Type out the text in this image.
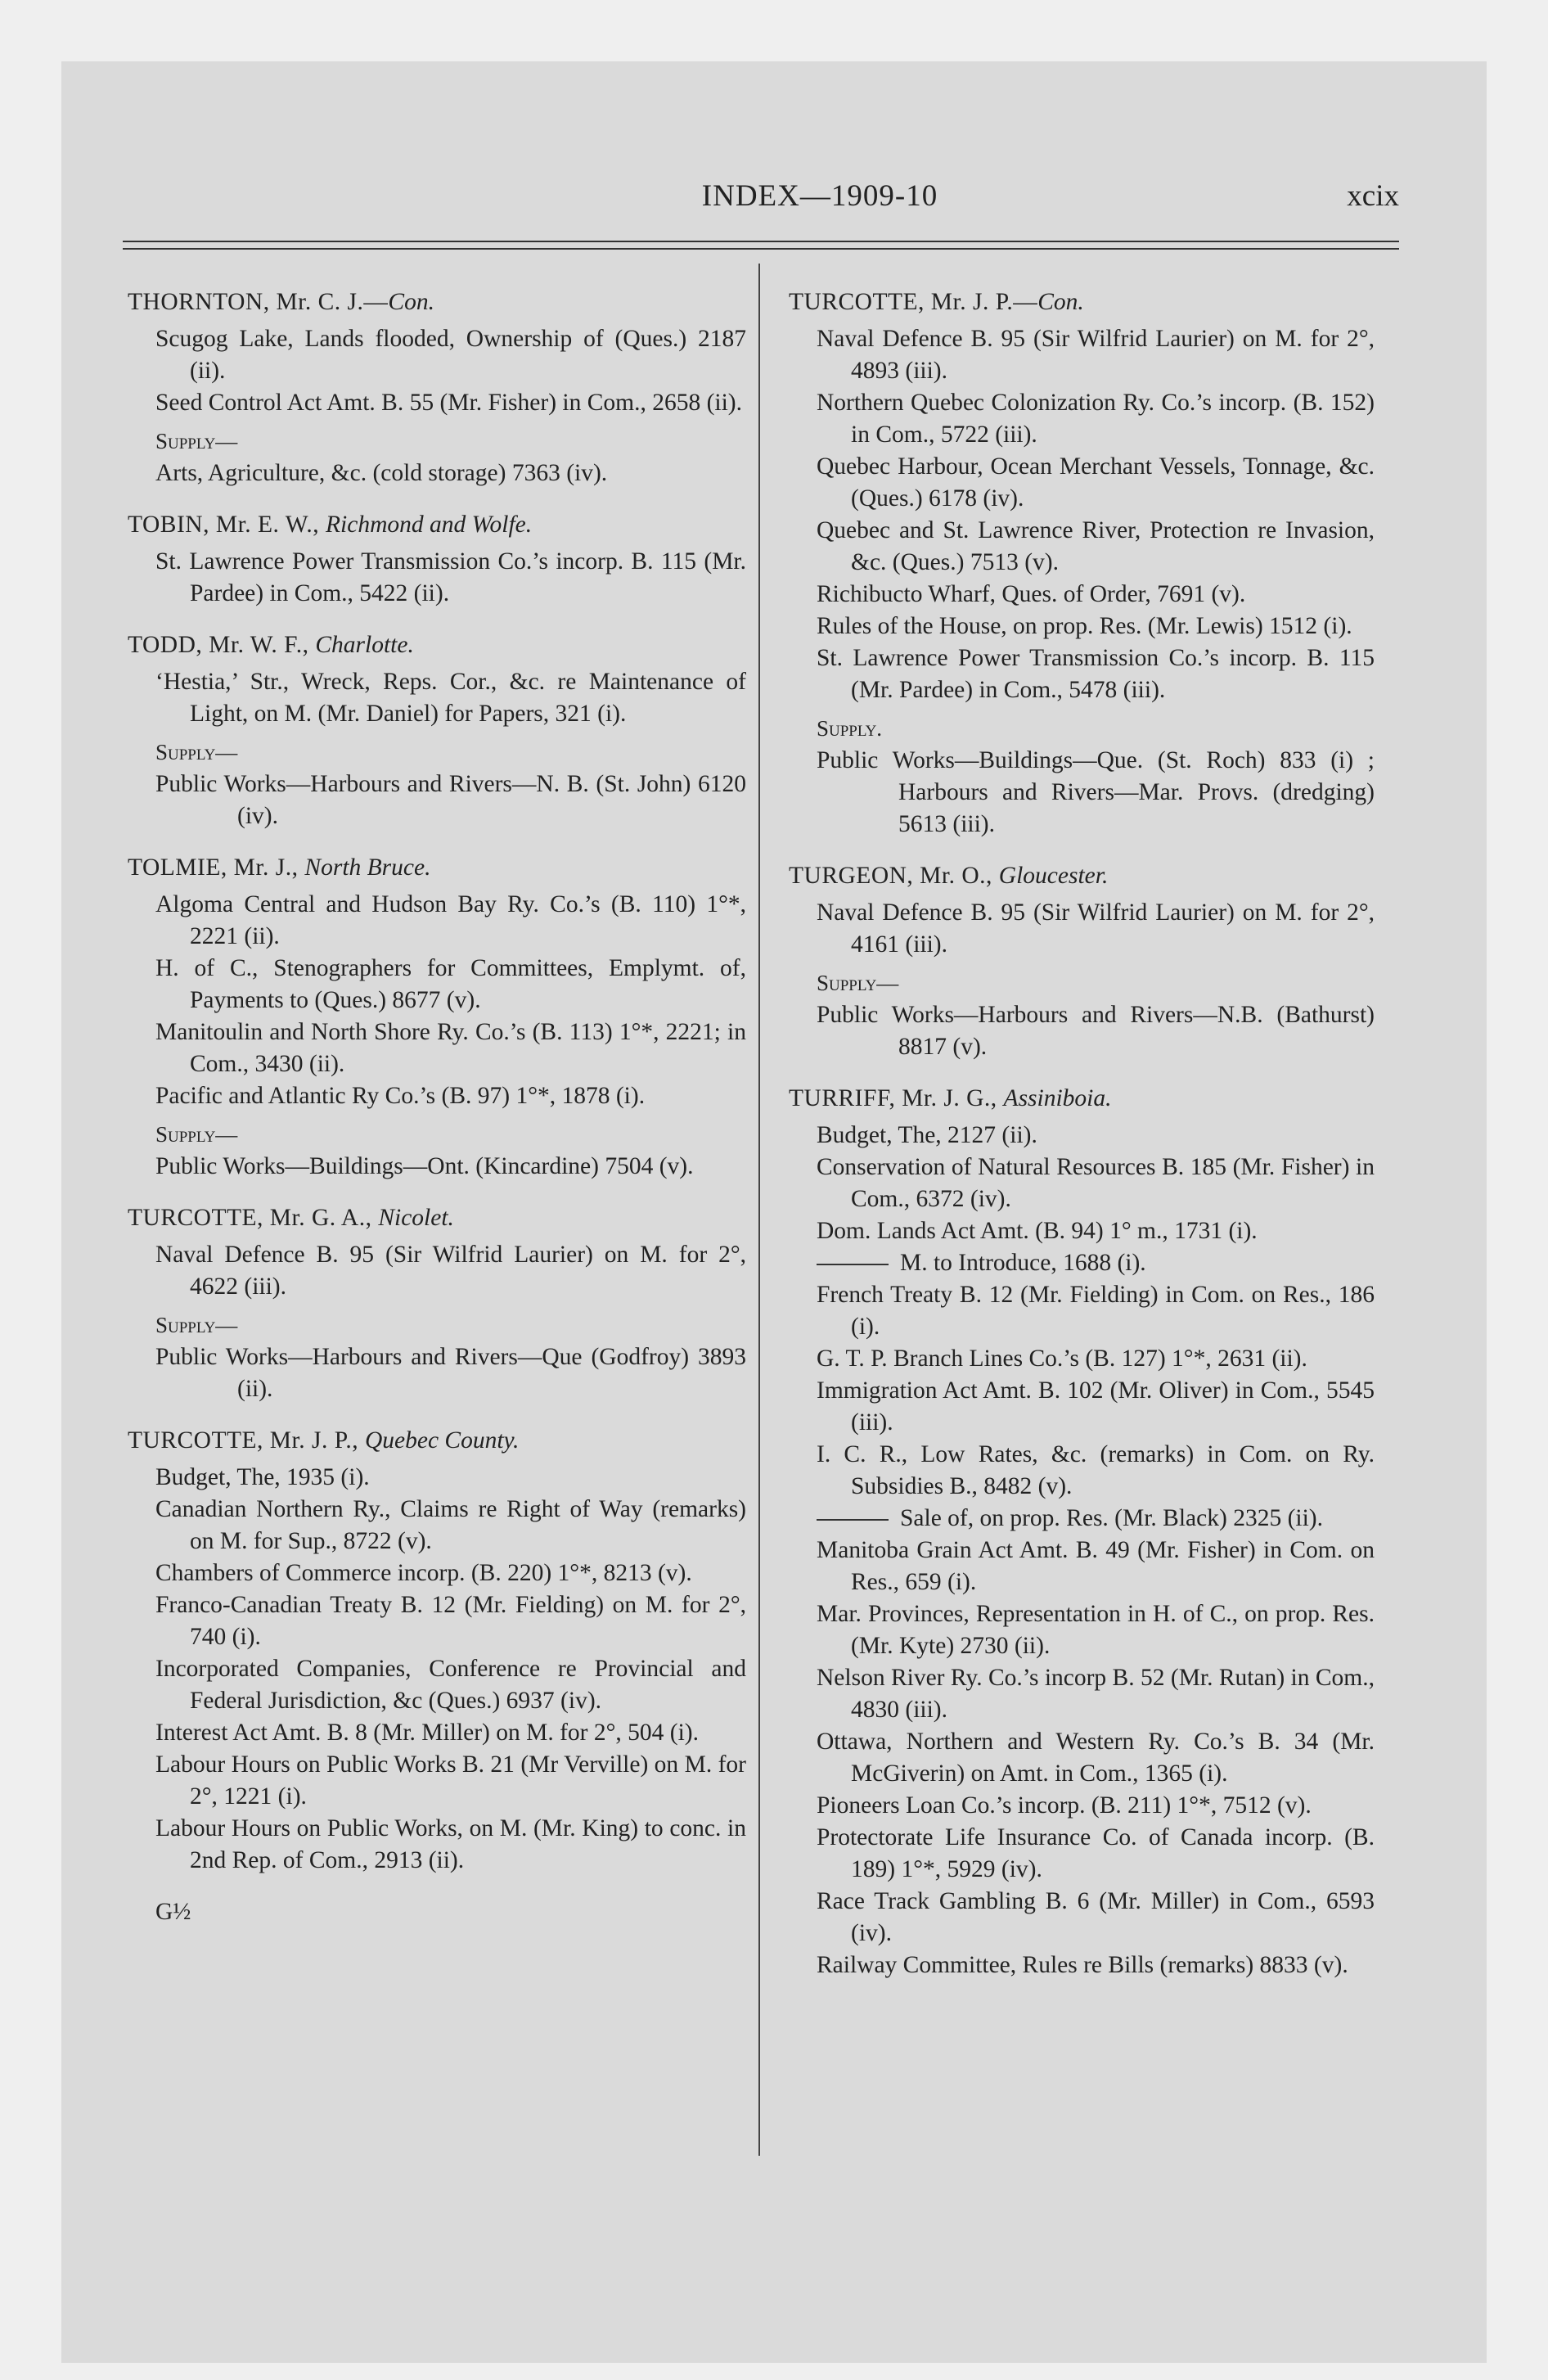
INDEX—1909-10	xcix
THORNTON, Mr. C. J.—Con.
Scugog Lake, Lands flooded, Ownership of (Ques.) 2187 (ii).
Seed Control Act Amt. B. 55 (Mr. Fisher) in Com., 2658 (ii).
Supply—
Arts, Agriculture, &c. (cold storage) 7363 (iv).
TOBIN, Mr. E. W., Richmond and Wolfe.
St. Lawrence Power Transmission Co.’s incorp. B. 115 (Mr. Pardee) in Com., 5422 (ii).
TODD, Mr. W. F., Charlotte.
‘Hestia,’ Str., Wreck, Reps. Cor., &c. re Maintenance of Light, on M. (Mr. Daniel) for Papers, 321 (i).
Supply—
Public Works—Harbours and Rivers—N. B. (St. John) 6120 (iv).
TOLMIE, Mr. J., North Bruce.
Algoma Central and Hudson Bay Ry. Co.’s (B. 110) 1°*, 2221 (ii).
H. of C., Stenographers for Committees, Emplymt. of, Payments to (Ques.) 8677 (v).
Manitoulin and North Shore Ry. Co.’s (B. 113) 1°*, 2221; in Com., 3430 (ii).
Pacific and Atlantic Ry Co.’s (B. 97) 1°*, 1878 (i).
Supply—
Public Works—Buildings—Ont. (Kincardine) 7504 (v).
TURCOTTE, Mr. G. A., Nicolet.
Naval Defence B. 95 (Sir Wilfrid Laurier) on M. for 2°, 4622 (iii).
Supply—
Public Works—Harbours and Rivers—Que (Godfroy) 3893 (ii).
TURCOTTE, Mr. J. P., Quebec County.
Budget, The, 1935 (i).
Canadian Northern Ry., Claims re Right of Way (remarks) on M. for Sup., 8722 (v).
Chambers of Commerce incorp. (B. 220) 1°*, 8213 (v).
Franco-Canadian Treaty B. 12 (Mr. Fielding) on M. for 2°, 740 (i).
Incorporated Companies, Conference re Provincial and Federal Jurisdiction, &c (Ques.) 6937 (iv).
Interest Act Amt. B. 8 (Mr. Miller) on M. for 2°, 504 (i).
Labour Hours on Public Works B. 21 (Mr Verville) on M. for 2°, 1221 (i).
Labour Hours on Public Works, on M. (Mr. King) to conc. in 2nd Rep. of Com., 2913 (ii).
G½
TURCOTTE, Mr. J. P.—Con.
Naval Defence B. 95 (Sir Wilfrid Laurier) on M. for 2°, 4893 (iii).
Northern Quebec Colonization Ry. Co.’s incorp. (B. 152) in Com., 5722 (iii).
Quebec Harbour, Ocean Merchant Vessels, Tonnage, &c. (Ques.) 6178 (iv).
Quebec and St. Lawrence River, Protection re Invasion, &c. (Ques.) 7513 (v).
Richibucto Wharf, Ques. of Order, 7691 (v).
Rules of the House, on prop. Res. (Mr. Lewis) 1512 (i).
St. Lawrence Power Transmission Co.’s incorp. B. 115 (Mr. Pardee) in Com., 5478 (iii).
Supply.
Public Works—Buildings—Que. (St. Roch) 833 (i) ; Harbours and Rivers—Mar. Provs. (dredging) 5613 (iii).
TURGEON, Mr. O., Gloucester.
Naval Defence B. 95 (Sir Wilfrid Laurier) on M. for 2°, 4161 (iii).
Supply—
Public Works—Harbours and Rivers—N.B. (Bathurst) 8817 (v).
TURRIFF, Mr. J. G., Assiniboia.
Budget, The, 2127 (ii).
Conservation of Natural Resources B. 185 (Mr. Fisher) in Com., 6372 (iv).
Dom. Lands Act Amt. (B. 94) 1° m., 1731 (i).
M. to Introduce, 1688 (i).
French Treaty B. 12 (Mr. Fielding) in Com. on Res., 186 (i).
G. T. P. Branch Lines Co.’s (B. 127) 1°*, 2631 (ii).
Immigration Act Amt. B. 102 (Mr. Oliver) in Com., 5545 (iii).
I. C. R., Low Rates, &c. (remarks) in Com. on Ry. Subsidies B., 8482 (v).
Sale of, on prop. Res. (Mr. Black) 2325 (ii).
Manitoba Grain Act Amt. B. 49 (Mr. Fisher) in Com. on Res., 659 (i).
Mar. Provinces, Representation in H. of C., on prop. Res. (Mr. Kyte) 2730 (ii).
Nelson River Ry. Co.’s incorp B. 52 (Mr. Rutan) in Com., 4830 (iii).
Ottawa, Northern and Western Ry. Co.’s B. 34 (Mr. McGiverin) on Amt. in Com., 1365 (i).
Pioneers Loan Co.’s incorp. (B. 211) 1°*, 7512 (v).
Protectorate Life Insurance Co. of Canada incorp. (B. 189) 1°*, 5929 (iv).
Race Track Gambling B. 6 (Mr. Miller) in Com., 6593 (iv).
Railway Committee, Rules re Bills (remarks) 8833 (v).
